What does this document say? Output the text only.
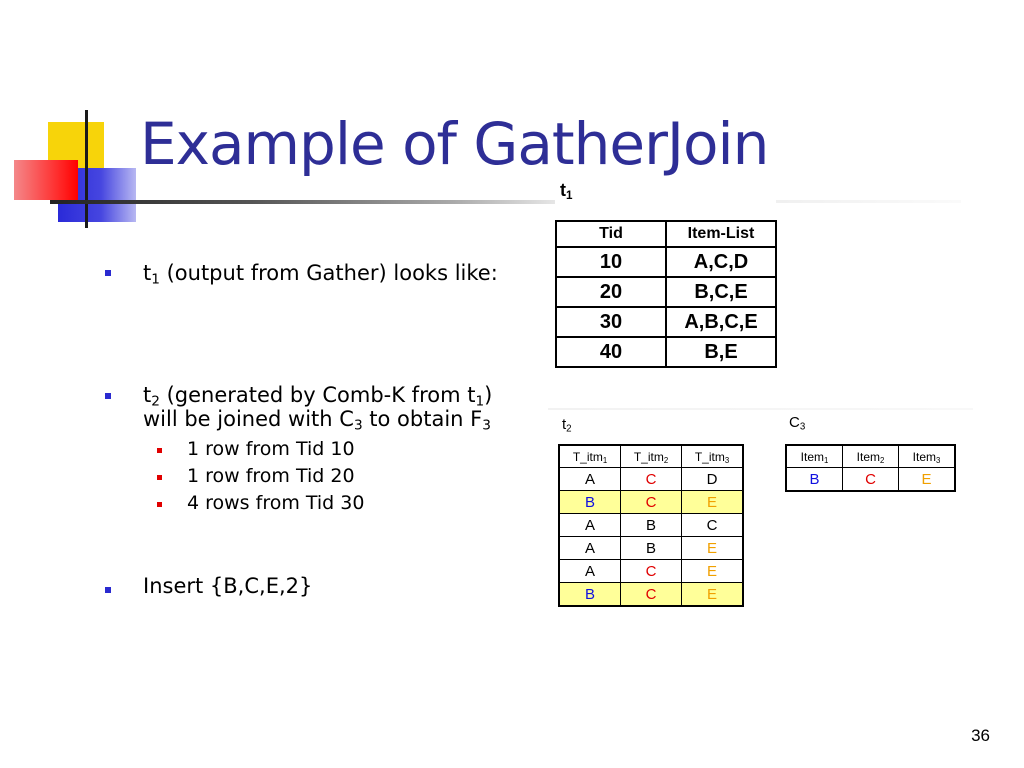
Example of GatherJoin
$t_1$ (output from Gather) looks like:
$t_2$ (generated by Comb-K from $t_1$)
will be joined with $C_3$ to obtain $F_3$
1 row from Tid 10
1 row from Tid 20
4 rows from Tid 30
Insert {B,C,E,2}
$t_1$
Tid	Item-List
10	A,C,D
20	B,C,E
30	A,B,C,E
40	B,E
$t_2$
T_itm$_1$	T_itm$_2$	T_itm$_3$
A	C	D
B	C	E
A	B	C
A	B	E
A	C	E
B	C	E
$C_3$
Item$_1$	Item$_2$	Item$_3$
B	C	E
36
